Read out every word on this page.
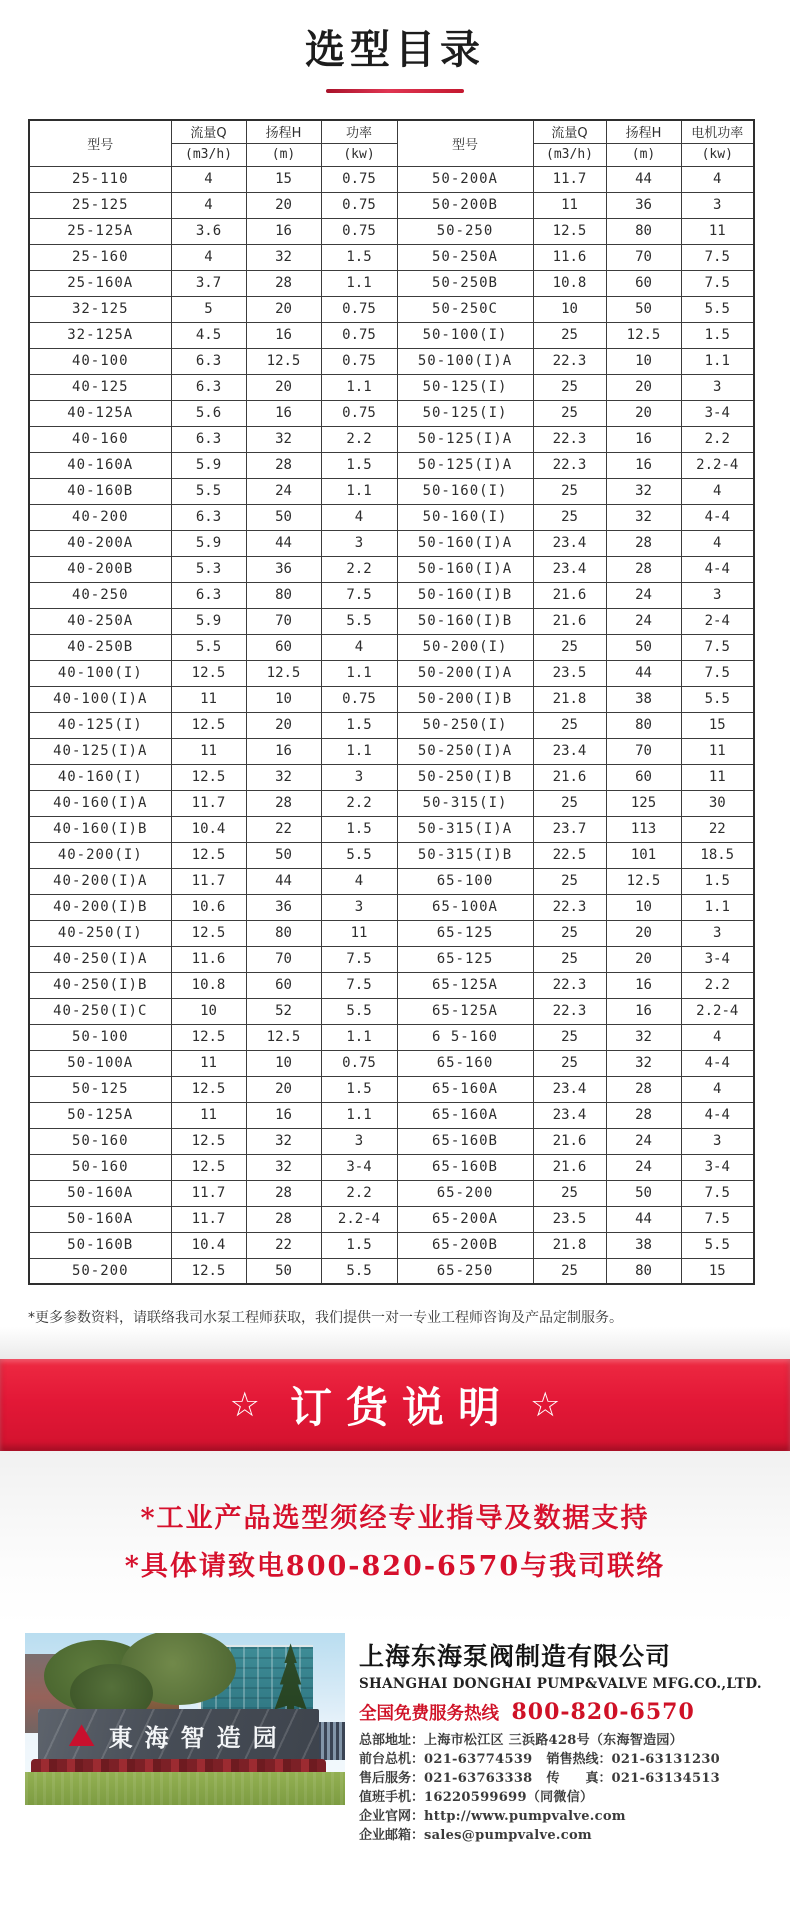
选型目录
型号	流量Q	扬程H	功率	型号	流量Q	扬程H	电机功率
	(m3/h)	(m)	(kw)		(m3/h)	(m)	(kw)
25-110	4	15	0.75	50-200A	11.7	44	4
25-125	4	20	0.75	50-200B	11	36	3
25-125A	3.6	16	0.75	50-250	12.5	80	11
25-160	4	32	1.5	50-250A	11.6	70	7.5
25-160A	3.7	28	1.1	50-250B	10.8	60	7.5
32-125	5	20	0.75	50-250C	10	50	5.5
32-125A	4.5	16	0.75	50-100(I)	25	12.5	1.5
40-100	6.3	12.5	0.75	50-100(I)A	22.3	10	1.1
40-125	6.3	20	1.1	50-125(I)	25	20	3
40-125A	5.6	16	0.75	50-125(I)	25	20	3-4
40-160	6.3	32	2.2	50-125(I)A	22.3	16	2.2
40-160A	5.9	28	1.5	50-125(I)A	22.3	16	2.2-4
40-160B	5.5	24	1.1	50-160(I)	25	32	4
40-200	6.3	50	4	50-160(I)	25	32	4-4
40-200A	5.9	44	3	50-160(I)A	23.4	28	4
40-200B	5.3	36	2.2	50-160(I)A	23.4	28	4-4
40-250	6.3	80	7.5	50-160(I)B	21.6	24	3
40-250A	5.9	70	5.5	50-160(I)B	21.6	24	2-4
40-250B	5.5	60	4	50-200(I)	25	50	7.5
40-100(I)	12.5	12.5	1.1	50-200(I)A	23.5	44	7.5
40-100(I)A	11	10	0.75	50-200(I)B	21.8	38	5.5
40-125(I)	12.5	20	1.5	50-250(I)	25	80	15
40-125(I)A	11	16	1.1	50-250(I)A	23.4	70	11
40-160(I)	12.5	32	3	50-250(I)B	21.6	60	11
40-160(I)A	11.7	28	2.2	50-315(I)	25	125	30
40-160(I)B	10.4	22	1.5	50-315(I)A	23.7	113	22
40-200(I)	12.5	50	5.5	50-315(I)B	22.5	101	18.5
40-200(I)A	11.7	44	4	65-100	25	12.5	1.5
40-200(I)B	10.6	36	3	65-100A	22.3	10	1.1
40-250(I)	12.5	80	11	65-125	25	20	3
40-250(I)A	11.6	70	7.5	65-125	25	20	3-4
40-250(I)B	10.8	60	7.5	65-125A	22.3	16	2.2
40-250(I)C	10	52	5.5	65-125A	22.3	16	2.2-4
50-100	12.5	12.5	1.1	6 5-160	25	32	4
50-100A	11	10	0.75	65-160	25	32	4-4
50-125	12.5	20	1.5	65-160A	23.4	28	4
50-125A	11	16	1.1	65-160A	23.4	28	4-4
50-160	12.5	32	3	65-160B	21.6	24	3
50-160	12.5	32	3-4	65-160B	21.6	24	3-4
50-160A	11.7	28	2.2	65-200	25	50	7.5
50-160A	11.7	28	2.2-4	65-200A	23.5	44	7.5
50-160B	10.4	22	1.5	65-200B	21.8	38	5.5
50-200	12.5	50	5.5	65-250	25	80	15

*更多参数资料，请联络我司水泵工程师获取，我们提供一对一专业工程师咨询及产品定制服务。

☆ 订货说明 ☆

*工业产品选型须经专业指导及数据支持

*具体请致电800-820-6570与我司联络

東海智造园
上海东海泵阀制造有限公司
SHANGHAI DONGHAI PUMP&VALVE MFG.CO.,LTD.
全国免费服务热线 800-820-6570
总部地址：上海市松江区 三浜路428号（东海智造园）
前台总机：021-63774539 销售热线：021-63131230
售后服务：021-63763338 传　　真：021-63134513
值班手机：16220599699（同微信）
企业官网：http://www.pumpvalve.com
企业邮箱：sales@pumpvalve.com
